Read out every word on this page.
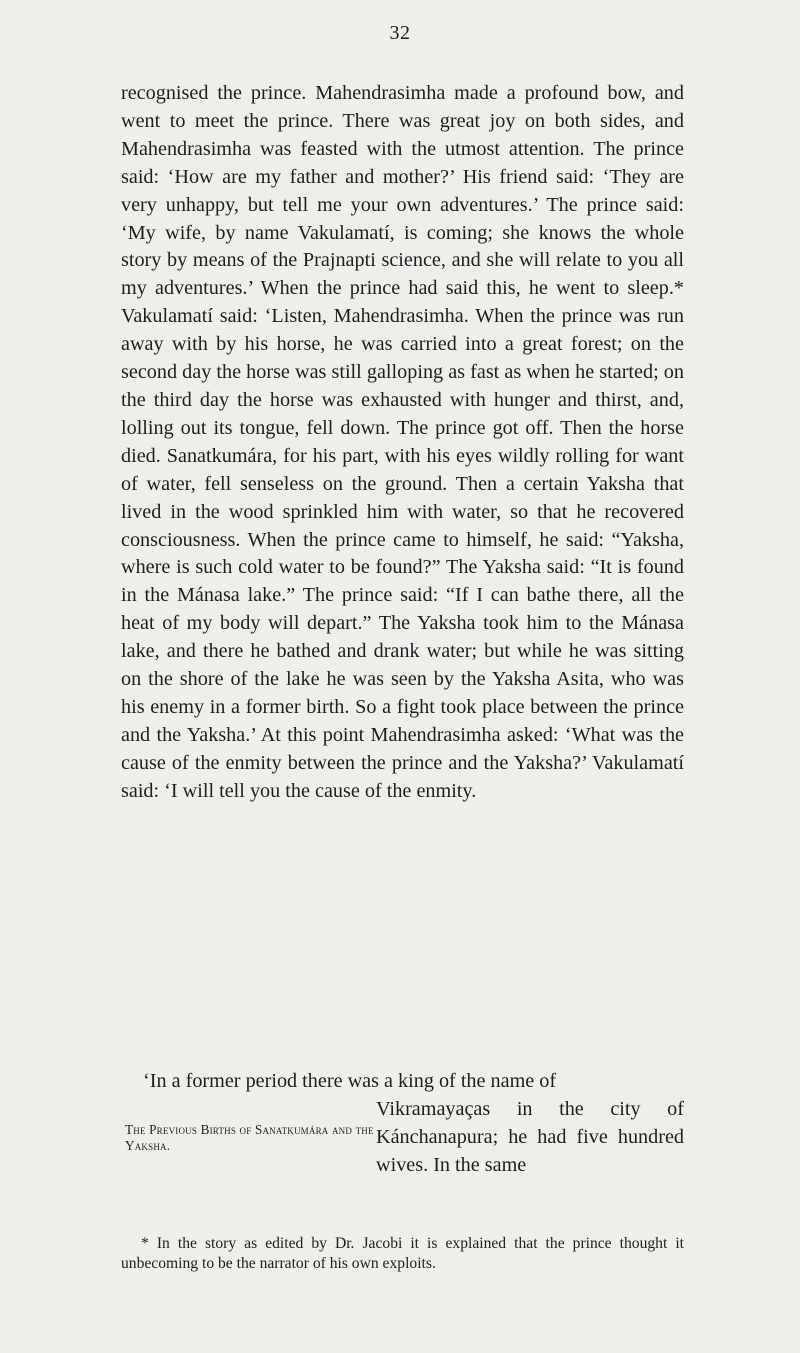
32

recognised the prince. Mahendrasimha made a profound bow, and went to meet the prince. There was great joy on both sides, and Mahendrasimha was feasted with the utmost attention. The prince said: ‘How are my father and mother?’ His friend said: ‘They are very unhappy, but tell me your own adventures.’ The prince said: ‘My wife, by name Vakulamatí, is coming; she knows the whole story by means of the Prajnapti science, and she will relate to you all my adventures.’ When the prince had said this, he went to sleep.* Vakulamatí said: ‘Listen, Mahendrasimha. When the prince was run away with by his horse, he was carried into a great forest; on the second day the horse was still galloping as fast as when he started; on the third day the horse was exhausted with hunger and thirst, and, lolling out its tongue, fell down. The prince got off. Then the horse died. Sanatkumára, for his part, with his eyes wildly rolling for want of water, fell senseless on the ground. Then a certain Yaksha that lived in the wood sprinkled him with water, so that he recovered consciousness. When the prince came to himself, he said: “Yaksha, where is such cold water to be found?” The Yaksha said: “It is found in the Mánasa lake.” The prince said: “If I can bathe there, all the heat of my body will depart.” The Yaksha took him to the Mánasa lake, and there he bathed and drank water; but while he was sitting on the shore of the lake he was seen by the Yaksha Asita, who was his enemy in a former birth. So a fight took place between the prince and the Yaksha.’ At this point Mahendrasimha asked: ‘What was the cause of the enmity between the prince and the Yaksha?’ Vakulamatí said: ‘I will tell you the cause of the enmity.

‘In a former period there was a king of the name of

The Previous Births of Sanatkumára and the Yaksha.

Vikramayaças in the city of Kánchanapura; he had five hundred wives. In the same

* In the story as edited by Dr. Jacobi it is explained that the prince thought it unbecoming to be the narrator of his own exploits.
